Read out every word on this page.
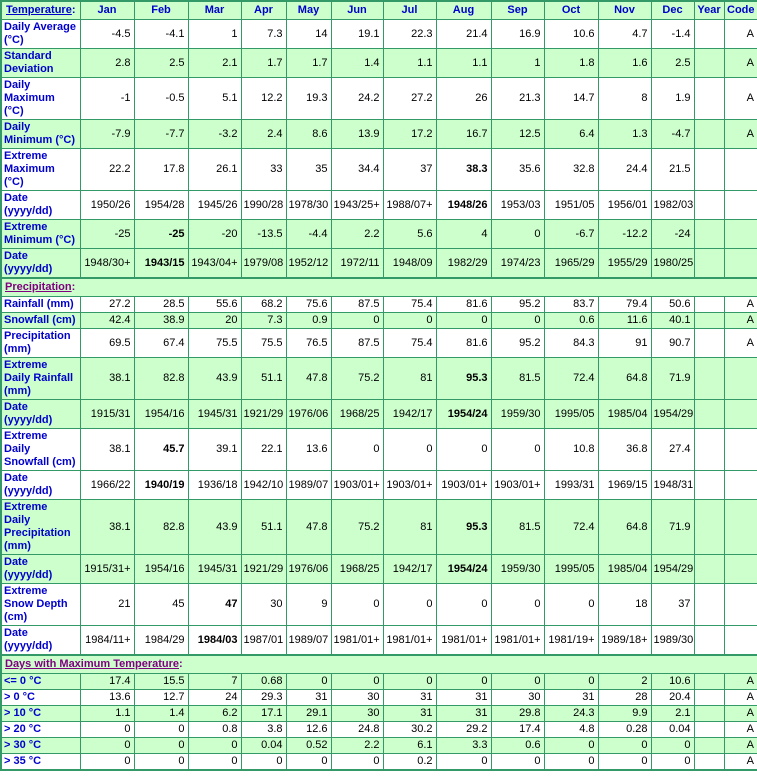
Temperature:	Jan	Feb	Mar	Apr	May	Jun	Jul	Aug	Sep	Oct	Nov	Dec	Year	Code
Daily Average (°C)	-4.5	-4.1	1	7.3	14	19.1	22.3	21.4	16.9	10.6	4.7	-1.4		A
Standard Deviation	2.8	2.5	2.1	1.7	1.7	1.4	1.1	1.1	1	1.8	1.6	2.5		A
Daily Maximum (°C)	-1	-0.5	5.1	12.2	19.3	24.2	27.2	26	21.3	14.7	8	1.9		A
Daily Minimum (°C)	-7.9	-7.7	-3.2	2.4	8.6	13.9	17.2	16.7	12.5	6.4	1.3	-4.7		A
Extreme Maximum (°C)	22.2	17.8	26.1	33	35	34.4	37	38.3	35.6	32.8	24.4	21.5		
Date (yyyy/dd)	1950/26	1954/28	1945/26	1990/28	1978/30	1943/25+	1988/07+	1948/26	1953/03	1951/05	1956/01	1982/03		
Extreme Minimum (°C)	-25	-25	-20	-13.5	-4.4	2.2	5.6	4	0	-6.7	-12.2	-24		
Date (yyyy/dd)	1948/30+	1943/15	1943/04+	1979/08	1952/12	1972/11	1948/09	1982/29	1974/23	1965/29	1955/29	1980/25		
Precipitation:														
Rainfall (mm)	27.2	28.5	55.6	68.2	75.6	87.5	75.4	81.6	95.2	83.7	79.4	50.6		A
Snowfall (cm)	42.4	38.9	20	7.3	0.9	0	0	0	0	0.6	11.6	40.1		A
Precipitation (mm)	69.5	67.4	75.5	75.5	76.5	87.5	75.4	81.6	95.2	84.3	91	90.7		A
Extreme Daily Rainfall (mm)	38.1	82.8	43.9	51.1	47.8	75.2	81	95.3	81.5	72.4	64.8	71.9		
Date (yyyy/dd)	1915/31	1954/16	1945/31	1921/29	1976/06	1968/25	1942/17	1954/24	1959/30	1995/05	1985/04	1954/29		
Extreme Daily Snowfall (cm)	38.1	45.7	39.1	22.1	13.6	0	0	0	0	10.8	36.8	27.4		
Date (yyyy/dd)	1966/22	1940/19	1936/18	1942/10	1989/07	1903/01+	1903/01+	1903/01+	1903/01+	1993/31	1969/15	1948/31		
Extreme Daily Precipitation (mm)	38.1	82.8	43.9	51.1	47.8	75.2	81	95.3	81.5	72.4	64.8	71.9		
Date (yyyy/dd)	1915/31+	1954/16	1945/31	1921/29	1976/06	1968/25	1942/17	1954/24	1959/30	1995/05	1985/04	1954/29		
Extreme Snow Depth (cm)	21	45	47	30	9	0	0	0	0	0	18	37		
Date (yyyy/dd)	1984/11+	1984/29	1984/03	1987/01	1989/07	1981/01+	1981/01+	1981/01+	1981/01+	1981/19+	1989/18+	1989/30		
Days with Maximum Temperature:														
<= 0 °C	17.4	15.5	7	0.68	0	0	0	0	0	0	2	10.6		A
> 0 °C	13.6	12.7	24	29.3	31	30	31	31	30	31	28	20.4		A
> 10 °C	1.1	1.4	6.2	17.1	29.1	30	31	31	29.8	24.3	9.9	2.1		A
> 20 °C	0	0	0.8	3.8	12.6	24.8	30.2	29.2	17.4	4.8	0.28	0.04		A
> 30 °C	0	0	0	0.04	0.52	2.2	6.1	3.3	0.6	0	0	0		A
> 35 °C	0	0	0	0	0	0	0.2	0	0	0	0	0		A
